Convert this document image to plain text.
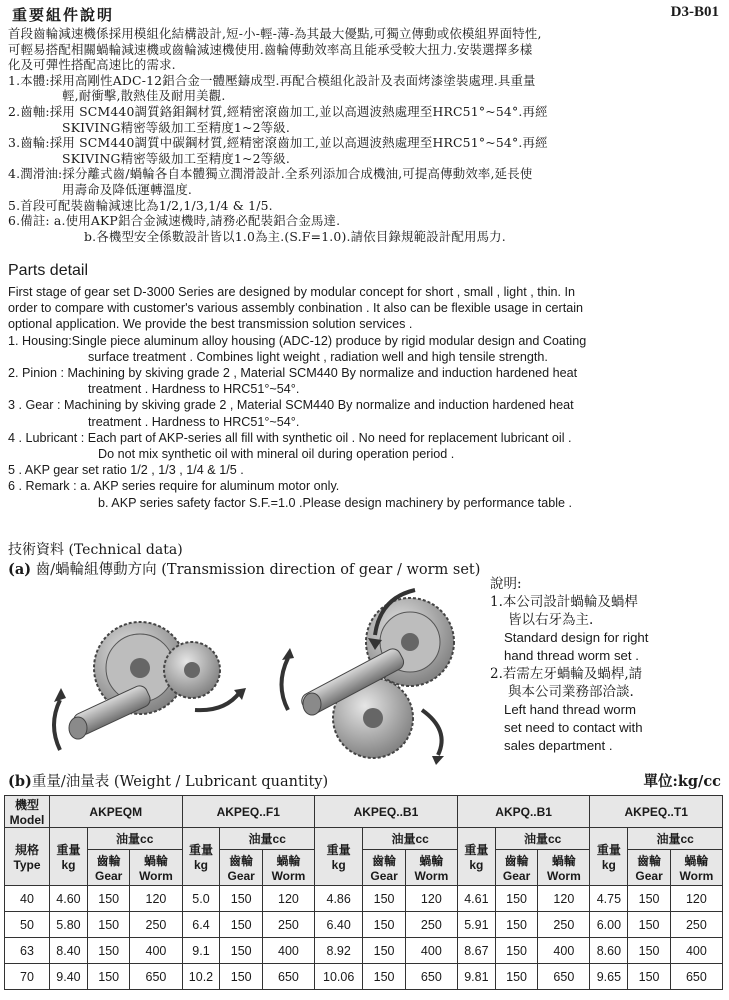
重要組件說明	D3-B01

首段齒輪減速機係採用模組化結構設計,短-小-輕-薄-為其最大優點,可獨立傳動或依模組界面特性,

可輕易搭配相關蝸輪減速機或齒輪減速機使用.齒輪傳動效率高且能承受較大扭力.安裝選擇多樣

化及可彈性搭配高速比的需求.

1.本體:採用高剛性ADC-12鋁合金一體壓鑄成型.再配合模組化設計及表面烤漆塗裝處理.具重量

輕,耐衝擊,散熱佳及耐用美觀.

2.齒軸:採用 SCM440調質鉻鉬鋼材質,經精密滾齒加工,並以高週波熱處理至HRC51°~54°.再經

SKIVING精密等級加工至精度1~2等級.

3.齒輪:採用 SCM440調質中碳鋼材質,經精密滾齒加工,並以高週波熱處理至HRC51°~54°.再經

SKIVING精密等級加工至精度1~2等級.

4.潤滑油:採分離式齒/蝸輪各自本體獨立潤滑設計.全系列添加合成機油,可提高傳動效率,延長使

用壽命及降低運轉溫度.

5.首段可配裝齒輪減速比為1/2,1/3,1/4 & 1/5.

6.備註: a.使用AKP鋁合金減速機時,請務必配裝鋁合金馬達.

b.各機型安全係數設計皆以1.0為主.(S.F=1.0).請依目錄規範設計配用馬力.

Parts detail

First stage of gear set D-3000 Series are designed by modular concept for short , small , light , thin. In

order to compare with customer's various assembly conbination . It also can be flexible usage in certain

optional application. We provide the best transmission solution services .

1. Housing:Single piece aluminum alloy housing (ADC-12) produce by rigid modular design and Coating

surface treatment . Combines light weight , radiation well and high tensile strength.

2. Pinion : Machining by skiving grade 2 , Material SCM440 By normalize and induction hardened heat

treatment . Hardness to HRC51°~54°.

3 . Gear : Machining by skiving grade 2 , Material SCM440 By normalize and induction hardened heat

treatment . Hardness to HRC51°~54°.

4 . Lubricant : Each part of AKP-series all fill with synthetic oil . No need for replacement lubricant oil .

Do not mix synthetic oil with mineral oil during operation period .

5 . AKP gear set ratio 1/2 , 1/3 , 1/4 & 1/5 .

6 . Remark : a. AKP series require for aluminum motor only.

b. AKP series safety factor S.F.=1.0 .Please design machinery by performance table .

技術資料 (Technical data)
(a) 齒/蝸輪組傳動方向 (Transmission direction of gear / worm set)

說明:

1.本公司設計蝸輪及蝸桿

皆以右牙為主.

Standard design for right

hand thread worm set .

2.若需左牙蝸輪及蝸桿,請

與本公司業務部洽談.

Left hand thread worm

set need to contact with

sales department .

(b)重量/油量表 (Weight / Lubricant quantity)	單位:kg/cc
機型
Model	AKPEQM			AKPEQ..F1			AKPEQ..B1			AKPQ..B1			AKPEQ..T1		
規格
Type	重量
kg	油量cc		重量
kg	油量cc		重量
kg	油量cc		重量
kg	油量cc		重量
kg	油量cc	
		齒輪
Gear	蝸輪
Worm		齒輪
Gear	蝸輪
Worm		齒輪
Gear	蝸輪
Worm		齒輪
Gear	蝸輪
Worm		齒輪
Gear	蝸輪
Worm
40	4.60	150	120	5.0	150	120	4.86	150	120	4.61	150	120	4.75	150	120
50	5.80	150	250	6.4	150	250	6.40	150	250	5.91	150	250	6.00	150	250
63	8.40	150	400	9.1	150	400	8.92	150	400	8.67	150	400	8.60	150	400
70	9.40	150	650	10.2	150	650	10.06	150	650	9.81	150	650	9.65	150	650
